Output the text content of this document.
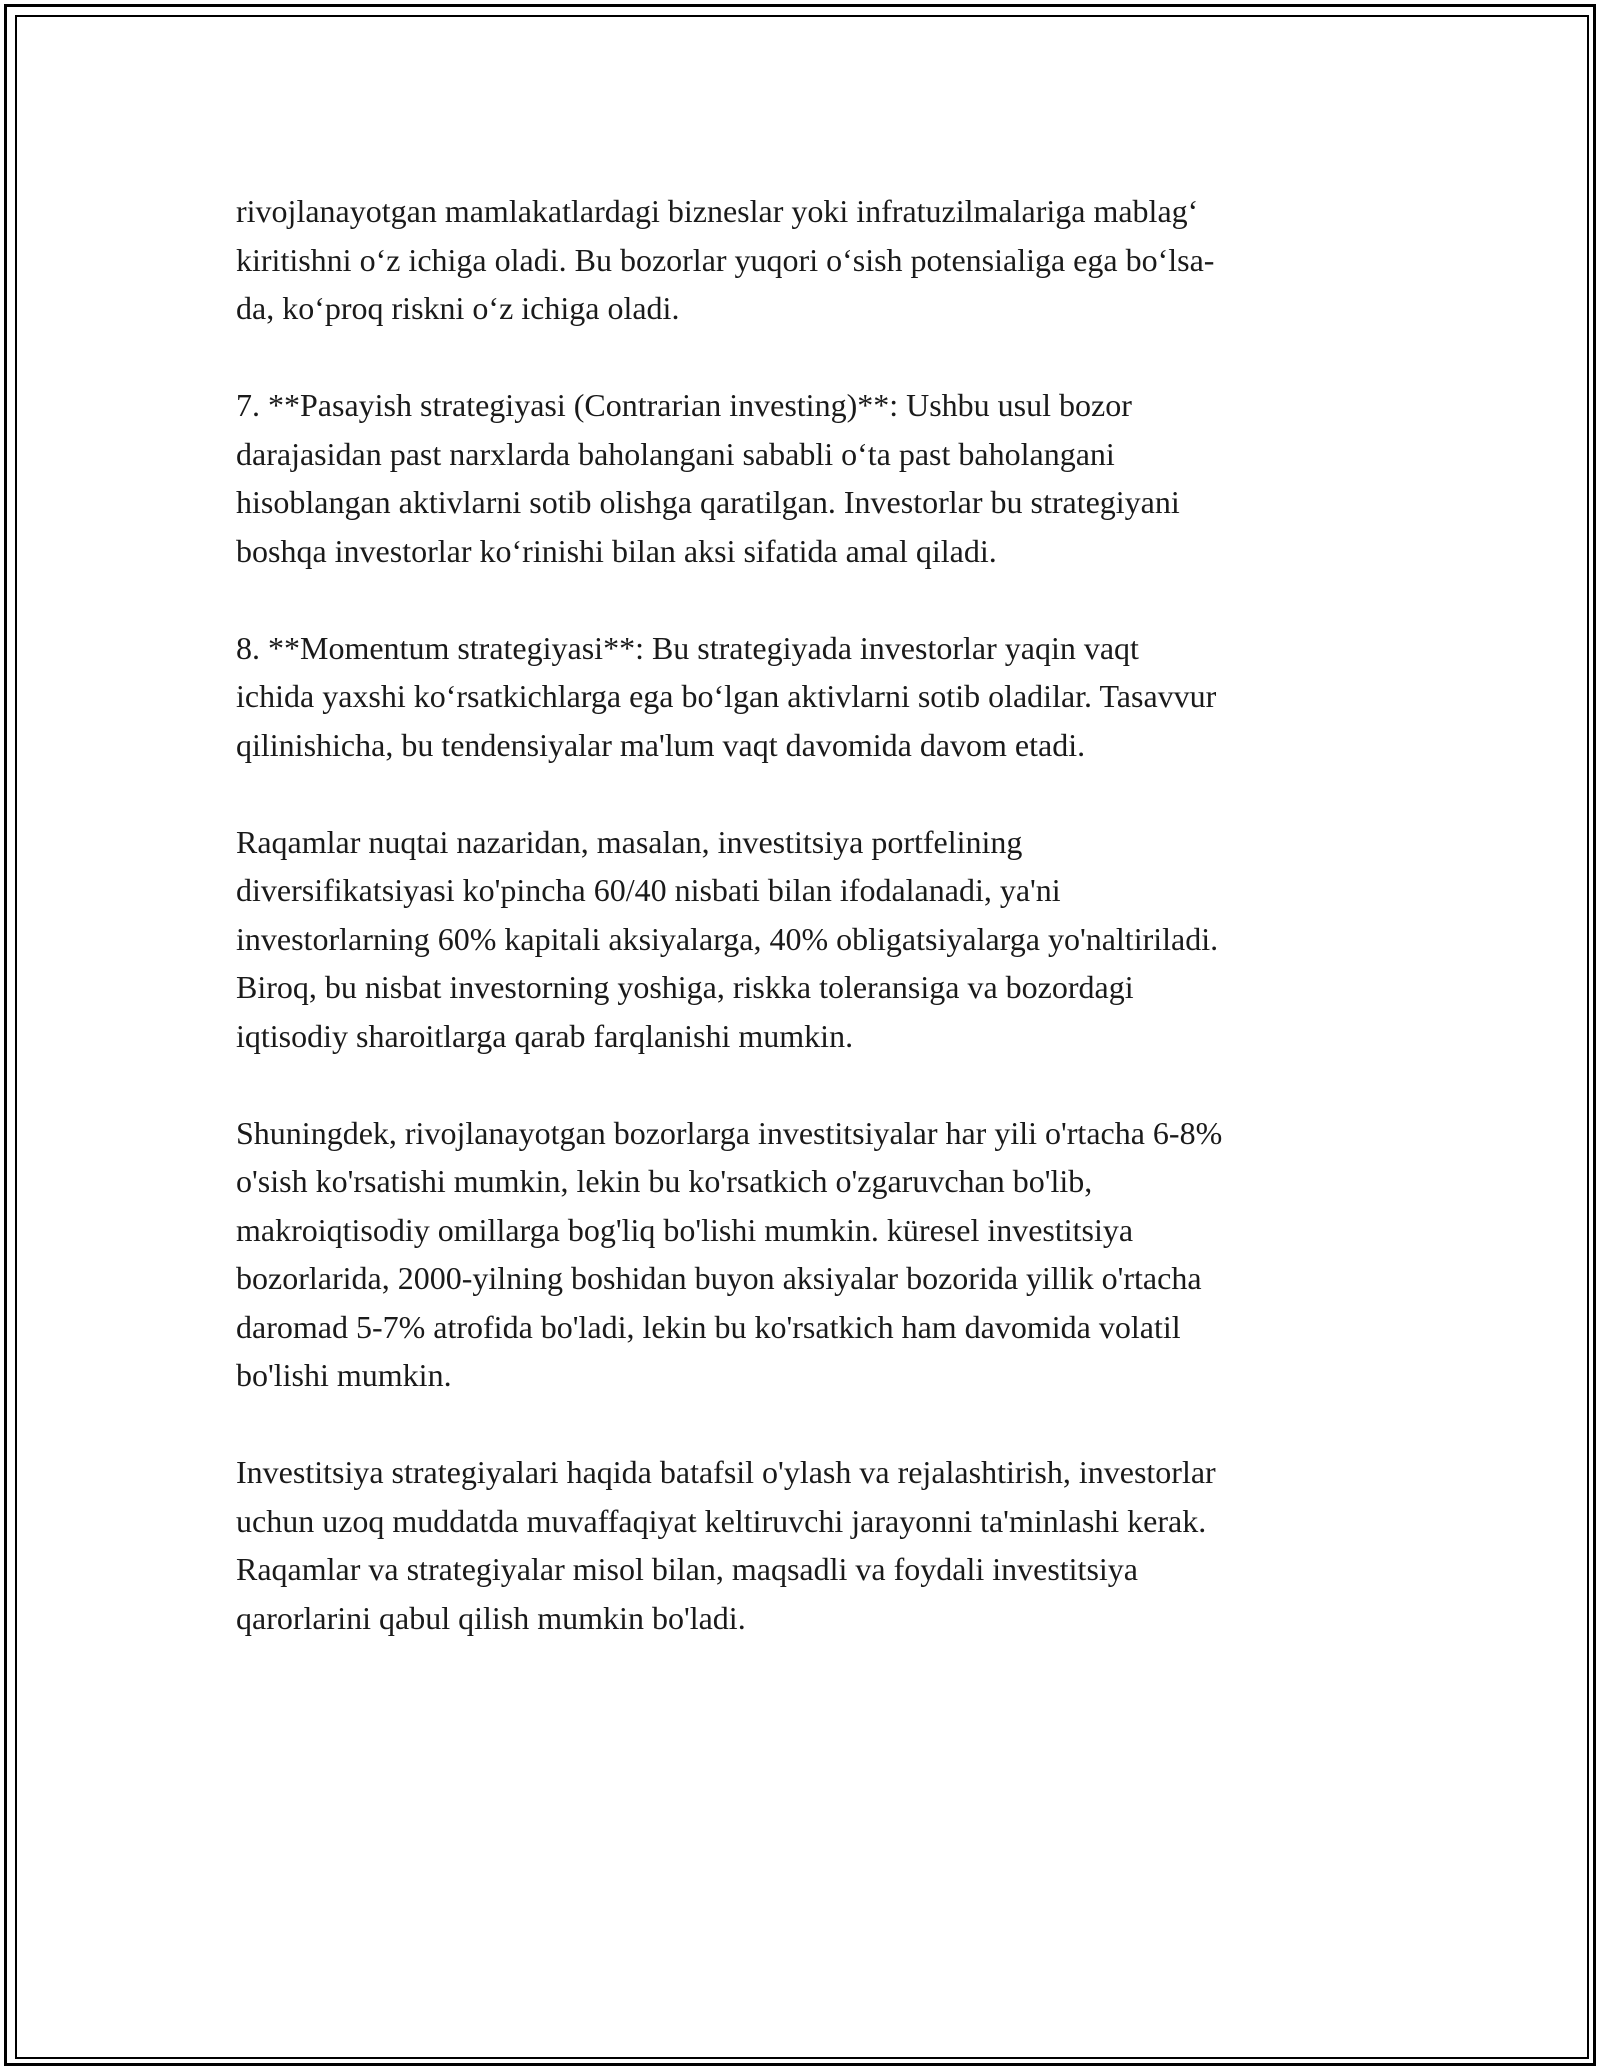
rivojlanayotgan mamlakatlardagi bizneslar yoki infratuzilmalariga mablag‘
kiritishni o‘z ichiga oladi. Bu bozorlar yuqori o‘sish potensialiga ega bo‘lsa-
da, ko‘proq riskni o‘z ichiga oladi.
7. **Pasayish strategiyasi (Contrarian investing)**: Ushbu usul bozor
darajasidan past narxlarda baholangani sababli o‘ta past baholangani
hisoblangan aktivlarni sotib olishga qaratilgan. Investorlar bu strategiyani
boshqa investorlar ko‘rinishi bilan aksi sifatida amal qiladi.
8. **Momentum strategiyasi**: Bu strategiyada investorlar yaqin vaqt
ichida yaxshi ko‘rsatkichlarga ega bo‘lgan aktivlarni sotib oladilar. Tasavvur
qilinishicha, bu tendensiyalar ma'lum vaqt davomida davom etadi.
Raqamlar nuqtai nazaridan, masalan, investitsiya portfelining
diversifikatsiyasi ko'pincha 60/40 nisbati bilan ifodalanadi, ya'ni
investorlarning 60% kapitali aksiyalarga, 40% obligatsiyalarga yo'naltiriladi.
Biroq, bu nisbat investorning yoshiga, riskka toleransiga va bozordagi
iqtisodiy sharoitlarga qarab farqlanishi mumkin.
Shuningdek, rivojlanayotgan bozorlarga investitsiyalar har yili o'rtacha 6-8%
o'sish ko'rsatishi mumkin, lekin bu ko'rsatkich o'zgaruvchan bo'lib,
makroiqtisodiy omillarga bog'liq bo'lishi mumkin. küresel investitsiya
bozorlarida, 2000-yilning boshidan buyon aksiyalar bozorida yillik o'rtacha
daromad 5-7% atrofida bo'ladi, lekin bu ko'rsatkich ham davomida volatil
bo'lishi mumkin.
Investitsiya strategiyalari haqida batafsil o'ylash va rejalashtirish, investorlar
uchun uzoq muddatda muvaffaqiyat keltiruvchi jarayonni ta'minlashi kerak.
Raqamlar va strategiyalar misol bilan, maqsadli va foydali investitsiya
qarorlarini qabul qilish mumkin bo'ladi.
